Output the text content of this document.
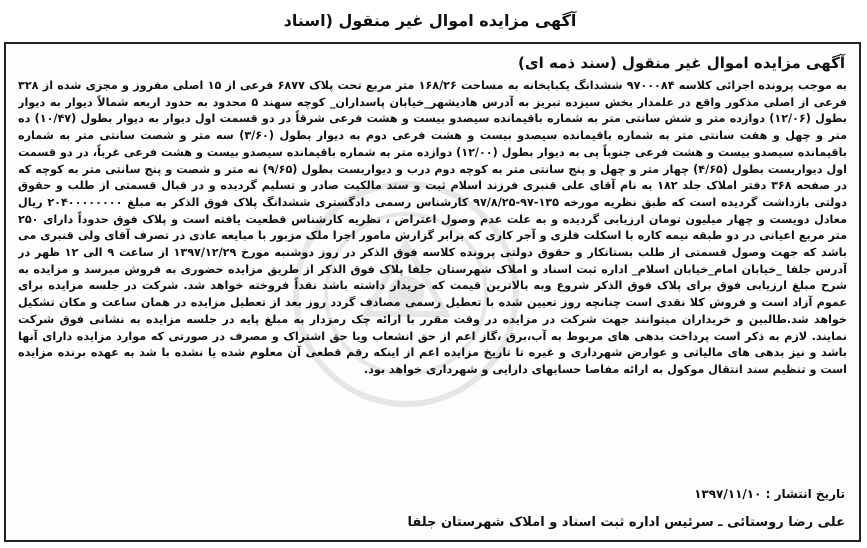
آگهی مزایده اموال غیر منقول (اسناد
آگهی مزایده اموال غیر منقول (سند ذمه ای)
به موجب پرونده اجرائی کلاسه ۹۷۰۰۰۸۴ ششدانگ یکبابخانه به مساحت ۱۶۸/۲۶ متر مربع تحت پلاک ۶۸۷۷ فرعی از ۱۵ اصلی مفروز و مجزی شده از ۳۲۸ فرعی از اصلی مذکور واقع در علمدار بخش سیزده تبریز به آدرس هادیشهر_خیابان پاسداران_ کوچه سهند ۵ محدود به حدود اربعه شمالاً دیوار به دیوار بطول (۱۲/۰۶) دوازده متر و شش سانتی متر به شماره باقیمانده سیصدو بیست و هشت فرعی شرقاً در دو قسمت اول دیوار به دیوار بطول (۱۰/۴۷) ده متر و چهل و هفت سانتی متر به شماره باقیمانده سیصدو بیست و هشت فرعی دوم به دیوار بطول (۳/۶۰) سه متر و شصت سانتی متر به شماره باقیمانده سیصدو بیست و هشت فرعی جنوباً پی به دیوار بطول (۱۲/۰۰) دوازده متر به شماره باقیمانده سیصدو بیست و هشت فرعی غرباً، در دو قسمت اول دیواربست بطول (۴/۶۵) چهار متر و چهل و پنج سانتی متر به کوچه دوم درب و دیواربست بطول (۹/۶۵) نه متر و شصت و پنج سانتی متر به کوچه که در صفحه ۳۶۸ دفتر املاک جلد ۱۸۲ به نام آقای علی قنبری فرزند اسلام ثبت و سند مالکیت صادر و تسلیم گردیده و در قبال قسمتی از طلب و حقوق دولتی بازداشت گردیده است که طبق نظریه مورخه ۱۳۵-۹۷-۹۷/۸/۲۵ کارشناس رسمی دادگستری ششدانگ پلاک فوق الذکر به مبلغ ۲۰۴۰۰۰۰۰۰۰۰ ریال معادل دویست و چهار میلیون تومان ارزیابی گردیده و به علت عدم وصول اعتراض ، نظریه کارشناس قطعیت یافته است و پلاک فوق حدوداً دارای ۲۵۰ متر مربع اعیانی در دو طبقه نیمه کاره با اسکلت فلزی و آجر کاری که برابر گزارش مامور اجرا ملک مزبور با مبایعه عادی در تصرف آقای ولی قنبری می باشد که جهت وصول قسمتی از طلب بستانکار و حقوق دولتی پرونده کلاسه فوق الذکر در روز دوشنبه مورخ ۱۳۹۷/۱۲/۲۹ از ساعت ۹ الی ۱۲ ظهر در آدرس جلفا _خیابان امام_خیابان اسلام_ اداره ثبت اسناد و املاک شهرستان جلفا پلاک فوق الذکر از طریق مزایده حضوری به فروش میرسد و مزایده به شرح مبلغ ارزیابی فوق برای پلاک فوق الذکر شروع وبه بالاترین قیمت که خریدار داشته باشد نقداً فروخته خواهد شد. شرکت در جلسه مزایده برای عموم آزاد است و فروش کلا نقدی است چنانچه روز تعیین شده با تعطیل رسمی مصادف گردد روز بعد از تعطیل مزایده در همان ساعت و مکان تشکیل خواهد شد.طالبین و خریداران میتوانند جهت شرکت در مزایده در وقت مقرر با ارائه چک رمزدار به مبلغ پایه در جلسه مزایده به نشانی فوق شرکت نمایند. لازم به ذکر است پرداخت بدهی های مربوط به آب،برق ،گاز اعم از حق انشعاب ویا حق اشتراک و مصرف در صورتی که موارد مزایده دارای آنها باشد و نیز بدهی های مالیاتی و عوارض شهرداری و غیره تا تاریخ مزایده اعم از اینکه رقم قطعی آن معلوم شده یا نشده با شد به عهده برنده مزایده است و تنظیم سند انتقال موکول به ارائه مفاصا حسابهای دارایی و شهرداری خواهد بود.
تاریخ انتشار : ۱۳۹۷/۱۱/۱۰
علی رضا روستائی ـ سرئیس اداره ثبت اسناد و املاک شهرستان جلفا
